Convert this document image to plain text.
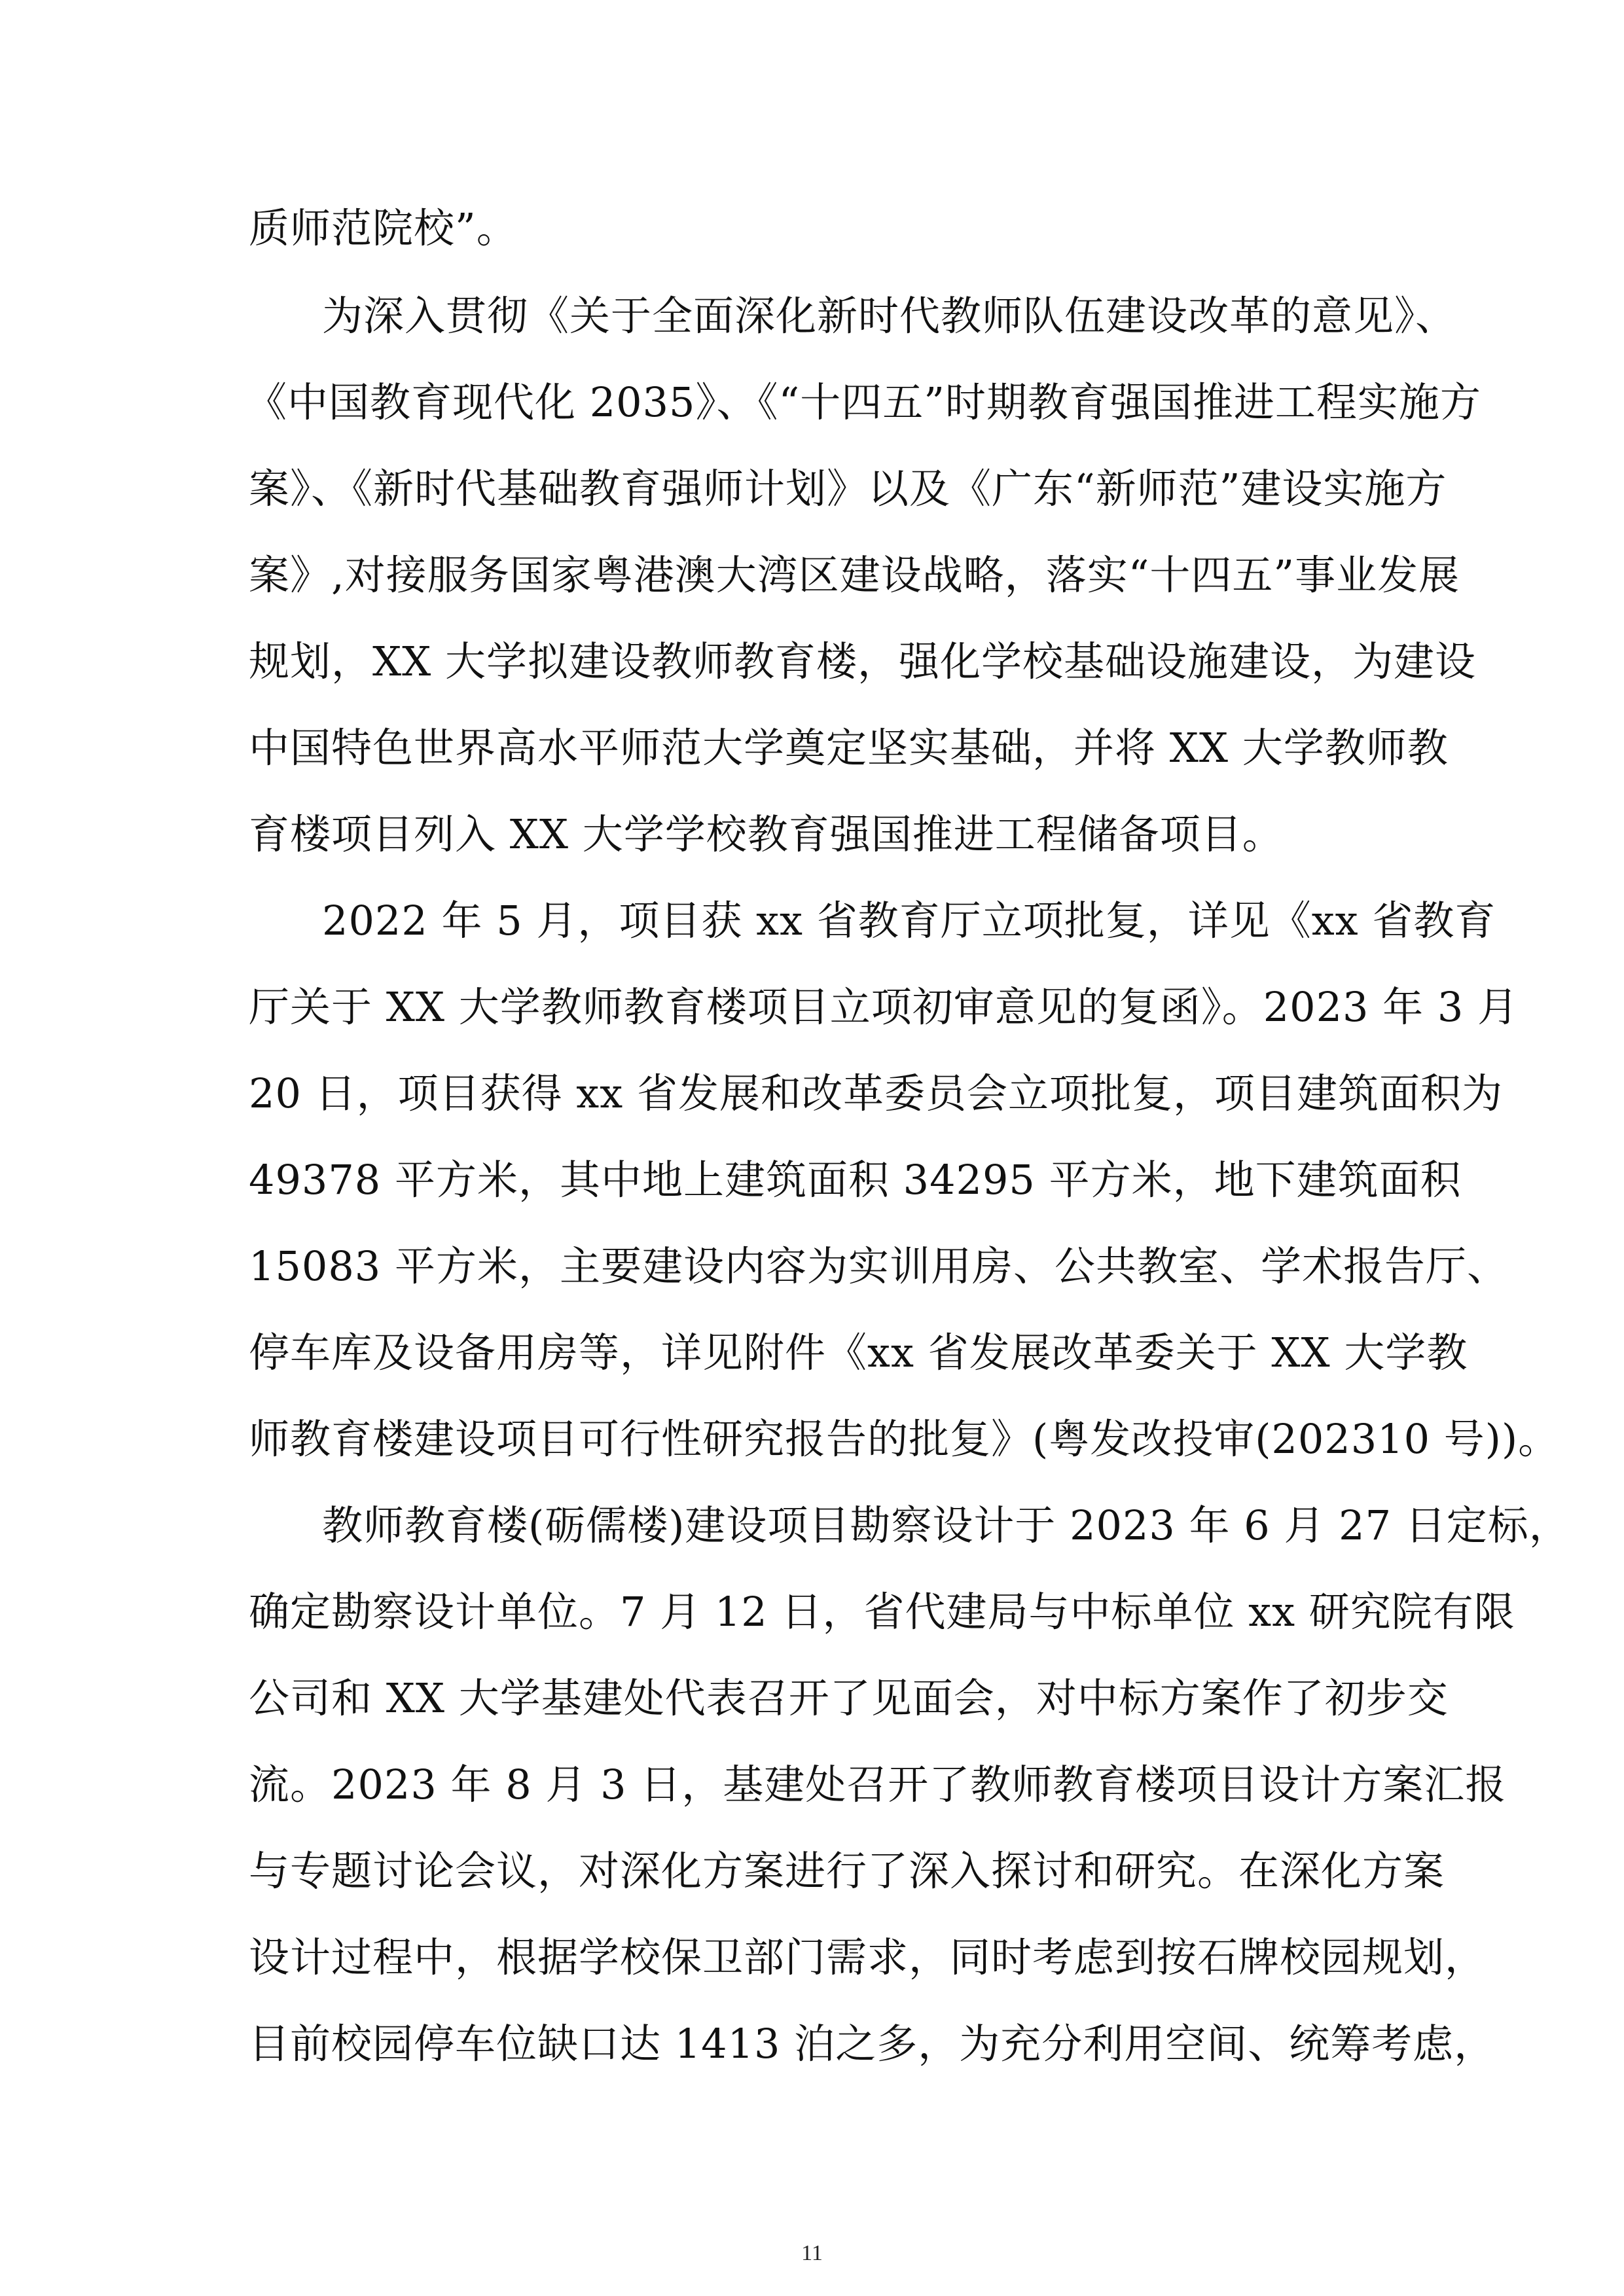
质师范院校”。
为深入贯彻《关于全面深化新时代教师队伍建设改革的意见》、
《中国教育现代化 2035》、《“十四五”时期教育强国推进工程实施方
案》、《新时代基础教育强师计划》以及《广东“新师范”建设实施方
案》,对接服务国家粤港澳大湾区建设战略，落实“十四五”事业发展
规划，XX 大学拟建设教师教育楼，强化学校基础设施建设，为建设
中国特色世界高水平师范大学奠定坚实基础，并将 XX 大学教师教
育楼项目列入 XX 大学学校教育强国推进工程储备项目。
2022 年 5 月，项目获 xx 省教育厅立项批复，详见《xx 省教育
厅关于 XX 大学教师教育楼项目立项初审意见的复函》。2023 年 3 月
20 日，项目获得 xx 省发展和改革委员会立项批复，项目建筑面积为
49378 平方米，其中地上建筑面积 34295 平方米，地下建筑面积
15083 平方米，主要建设内容为实训用房、公共教室、学术报告厅、
停车库及设备用房等，详见附件《xx 省发展改革委关于 XX 大学教
师教育楼建设项目可行性研究报告的批复》(粤发改投审(202310 号))。
教师教育楼(砺儒楼)建设项目勘察设计于 2023 年 6 月 27 日定标，
确定勘察设计单位。7 月 12 日，省代建局与中标单位 xx 研究院有限
公司和 XX 大学基建处代表召开了见面会，对中标方案作了初步交
流。2023 年 8 月 3 日，基建处召开了教师教育楼项目设计方案汇报
与专题讨论会议，对深化方案进行了深入探讨和研究。在深化方案
设计过程中，根据学校保卫部门需求，同时考虑到按石牌校园规划，
目前校园停车位缺口达 1413 泊之多，为充分利用空间、统筹考虑，
11
